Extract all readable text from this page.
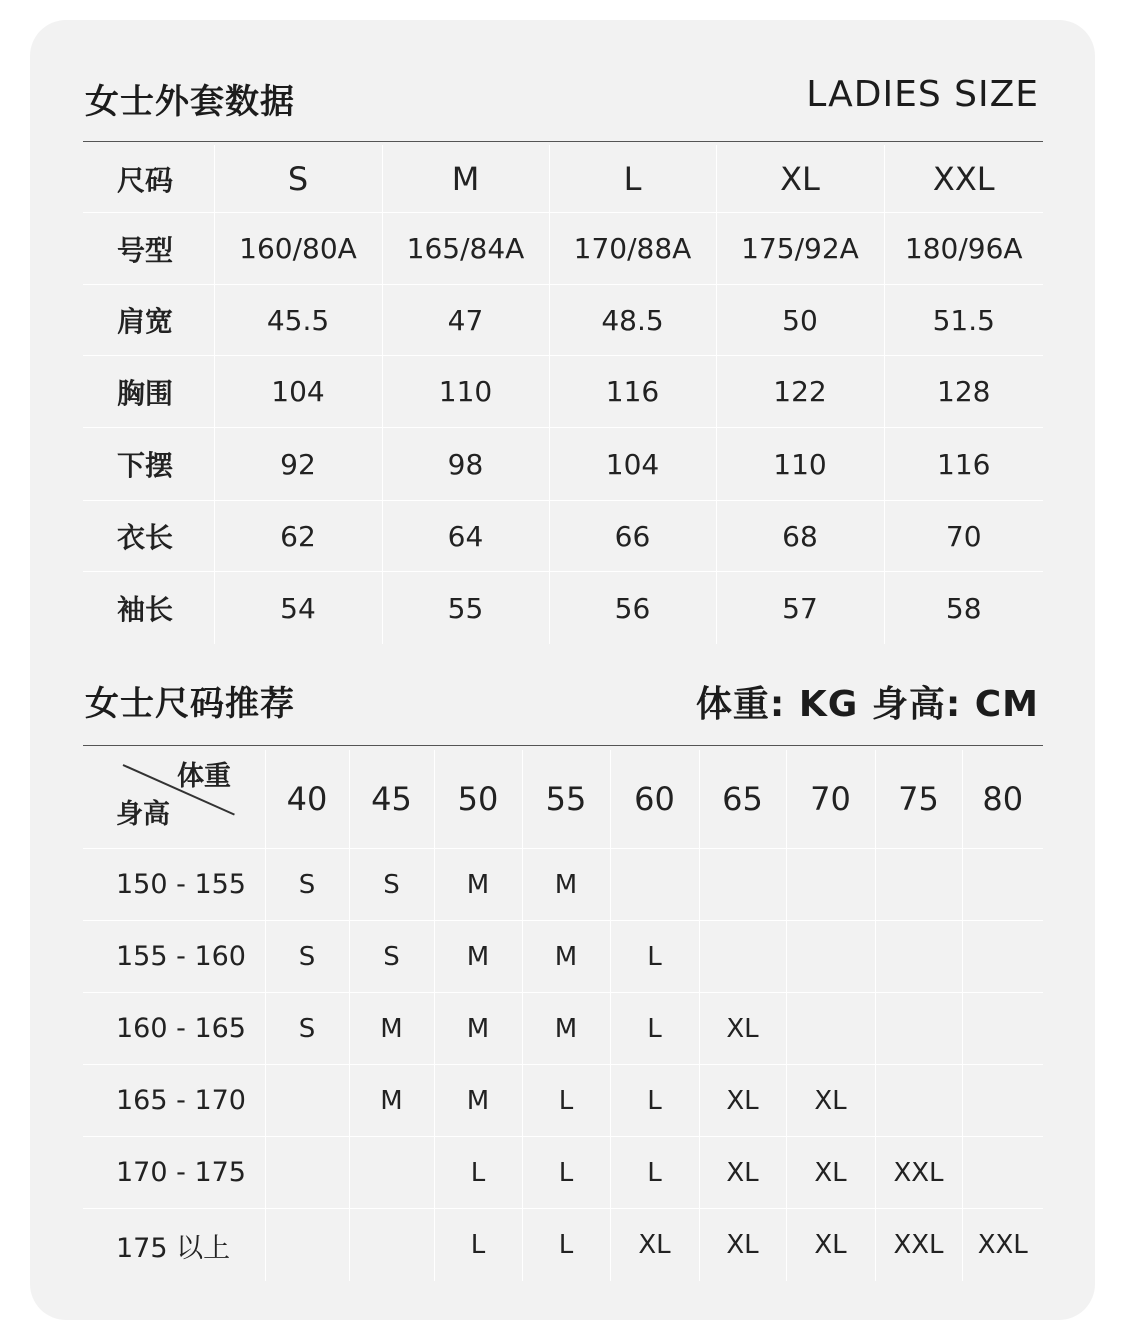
女士外套数据	LADIES SIZE
尺码	S	M	L	XL	XXL
号型	160/80A	165/84A	170/88A	175/92A	180/96A
肩宽	45.5	47	48.5	50	51.5
胸围	104	110	116	122	128
下摆	92	98	104	110	116
衣长	62	64	66	68	70
袖长	54	55	56	57	58
女士尺码推荐	体重: KG 身高: CM
体重
身高	40	45	50	55	60	65	70	75	80
150 - 155	S	S	M	M					
155 - 160	S	S	M	M	L				
160 - 165	S	M	M	M	L	XL			
165 - 170		M	M	L	L	XL	XL		
170 - 175			L	L	L	XL	XL	XXL	
175 以上			L	L	XL	XL	XL	XXL	XXL
